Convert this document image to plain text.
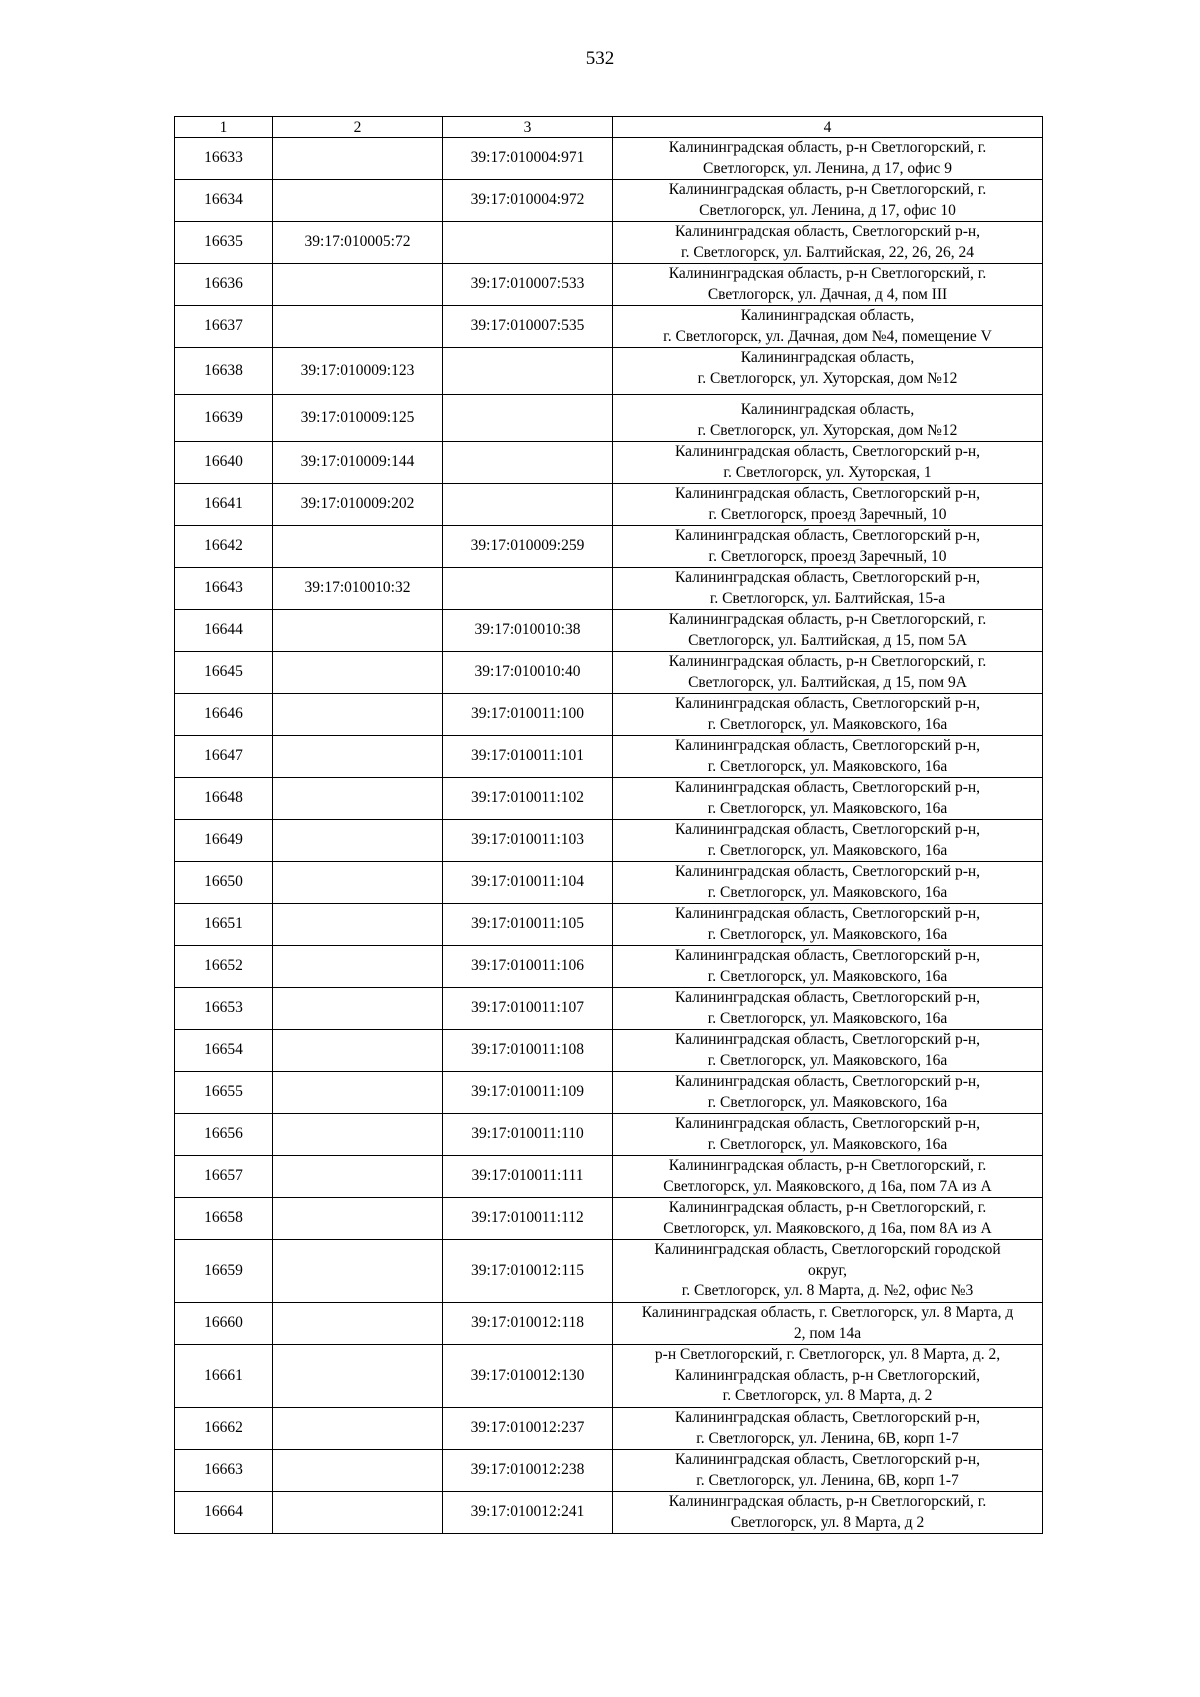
532
1	2	3	4
16633		39:17:010004:971	Калининградская область, р-н Светлогорский, г.
Светлогорск, ул. Ленина, д 17, офис 9

16634		39:17:010004:972	Калининградская область, р-н Светлогорский, г.
Светлогорск, ул. Ленина, д 17, офис 10

16635	39:17:010005:72		Калининградская область, Светлогорский р-н,
г. Светлогорск, ул. Балтийская, 22, 26, 26, 24

16636		39:17:010007:533	Калининградская область, р-н Светлогорский, г.
Светлогорск, ул. Дачная, д 4, пом III

16637		39:17:010007:535	Калининградская область,
г. Светлогорск, ул. Дачная, дом №4, помещение V

16638	39:17:010009:123		Калининградская область,
г. Светлогорск, ул. Хуторская, дом №12

16639	39:17:010009:125		Калининградская область,
г. Светлогорск, ул. Хуторская, дом №12

16640	39:17:010009:144		Калининградская область, Светлогорский р-н,
г. Светлогорск, ул. Хуторская, 1

16641	39:17:010009:202		Калининградская область, Светлогорский р-н,
г. Светлогорск, проезд Заречный, 10

16642		39:17:010009:259	Калининградская область, Светлогорский р-н,
г. Светлогорск, проезд Заречный, 10

16643	39:17:010010:32		Калининградская область, Светлогорский р-н,
г. Светлогорск, ул. Балтийская, 15-а

16644		39:17:010010:38	Калининградская область, р-н Светлогорский, г.
Светлогорск, ул. Балтийская, д 15, пом 5А

16645		39:17:010010:40	Калининградская область, р-н Светлогорский, г.
Светлогорск, ул. Балтийская, д 15, пом 9А

16646		39:17:010011:100	Калининградская область, Светлогорский р-н,
г. Светлогорск, ул. Маяковского, 16а

16647		39:17:010011:101	Калининградская область, Светлогорский р-н,
г. Светлогорск, ул. Маяковского, 16а

16648		39:17:010011:102	Калининградская область, Светлогорский р-н,
г. Светлогорск, ул. Маяковского, 16а

16649		39:17:010011:103	Калининградская область, Светлогорский р-н,
г. Светлогорск, ул. Маяковского, 16а

16650		39:17:010011:104	Калининградская область, Светлогорский р-н,
г. Светлогорск, ул. Маяковского, 16а

16651		39:17:010011:105	Калининградская область, Светлогорский р-н,
г. Светлогорск, ул. Маяковского, 16а

16652		39:17:010011:106	Калининградская область, Светлогорский р-н,
г. Светлогорск, ул. Маяковского, 16а

16653		39:17:010011:107	Калининградская область, Светлогорский р-н,
г. Светлогорск, ул. Маяковского, 16а

16654		39:17:010011:108	Калининградская область, Светлогорский р-н,
г. Светлогорск, ул. Маяковского, 16а

16655		39:17:010011:109	Калининградская область, Светлогорский р-н,
г. Светлогорск, ул. Маяковского, 16а

16656		39:17:010011:110	Калининградская область, Светлогорский р-н,
г. Светлогорск, ул. Маяковского, 16а

16657		39:17:010011:111	Калининградская область, р-н Светлогорский, г.
Светлогорск, ул. Маяковского, д 16а, пом 7А из А

16658		39:17:010011:112	Калининградская область, р-н Светлогорский, г.
Светлогорск, ул. Маяковского, д 16а, пом 8А из А

16659		39:17:010012:115	Калининградская область, Светлогорский городской
округ,
г. Светлогорск, ул. 8 Марта, д. №2, офис №3

16660		39:17:010012:118	Калининградская область, г. Светлогорск, ул. 8 Марта, д
2, пом 14а

16661		39:17:010012:130	р-н Светлогорский, г. Светлогорск, ул. 8 Марта, д. 2,
Калининградская область, р-н Светлогорский,
г. Светлогорск, ул. 8 Марта, д. 2

16662		39:17:010012:237	Калининградская область, Светлогорский р-н,
г. Светлогорск, ул. Ленина, 6В, корп 1-7

16663		39:17:010012:238	Калининградская область, Светлогорский р-н,
г. Светлогорск, ул. Ленина, 6В, корп 1-7

16664		39:17:010012:241	Калининградская область, р-н Светлогорский, г.
Светлогорск, ул. 8 Марта, д 2
